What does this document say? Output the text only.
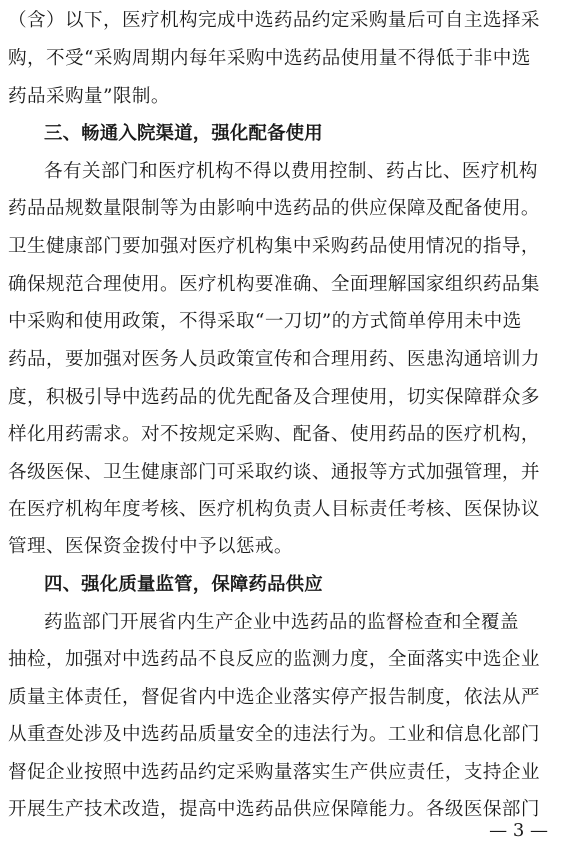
（含）以下，医疗机构完成中选药品约定采购量后可自主选择采
购，不受“采购周期内每年采购中选药品使用量不得低于非中选
药品采购量”限制。
三、畅通入院渠道，强化配备使用
各有关部门和医疗机构不得以费用控制、药占比、医疗机构
药品品规数量限制等为由影响中选药品的供应保障及配备使用。
卫生健康部门要加强对医疗机构集中采购药品使用情况的指导，
确保规范合理使用。医疗机构要准确、全面理解国家组织药品集
中采购和使用政策，不得采取“一刀切”的方式简单停用未中选
药品，要加强对医务人员政策宣传和合理用药、医患沟通培训力
度，积极引导中选药品的优先配备及合理使用，切实保障群众多
样化用药需求。对不按规定采购、配备、使用药品的医疗机构，
各级医保、卫生健康部门可采取约谈、通报等方式加强管理，并
在医疗机构年度考核、医疗机构负责人目标责任考核、医保协议
管理、医保资金拨付中予以惩戒。
四、强化质量监管，保障药品供应
药监部门开展省内生产企业中选药品的监督检查和全覆盖
抽检，加强对中选药品不良反应的监测力度，全面落实中选企业
质量主体责任，督促省内中选企业落实停产报告制度，依法从严
从重查处涉及中选药品质量安全的违法行为。工业和信息化部门
督促企业按照中选药品约定采购量落实生产供应责任，支持企业
开展生产技术改造，提高中选药品供应保障能力。各级医保部门
— 3 —
